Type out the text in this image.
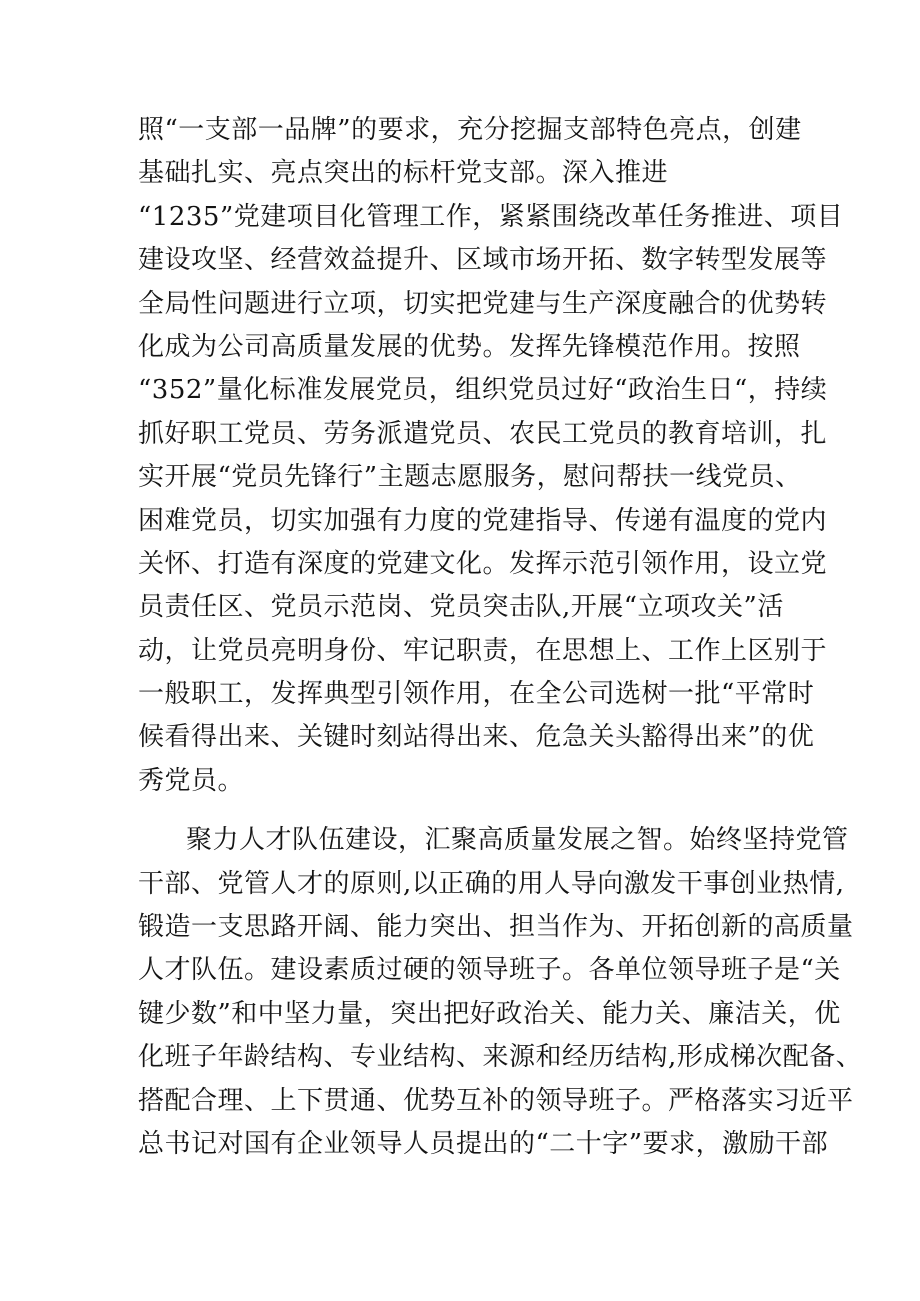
照“一支部一品牌”的要求，充分挖掘支部特色亮点，创建
基础扎实、亮点突出的标杆党支部。深入推进
“1235”党建项目化管理工作，紧紧围绕改革任务推进、项目
建设攻坚、经营效益提升、区域市场开拓、数字转型发展等
全局性问题进行立项，切实把党建与生产深度融合的优势转
化成为公司高质量发展的优势。发挥先锋模范作用。按照
“352”量化标准发展党员，组织党员过好“政治生日“，持续
抓好职工党员、劳务派遣党员、农民工党员的教育培训，扎
实开展“党员先锋行”主题志愿服务，慰问帮扶一线党员、
困难党员，切实加强有力度的党建指导、传递有温度的党内
关怀、打造有深度的党建文化。发挥示范引领作用，设立党
员责任区、党员示范岗、党员突击队,开展“立项攻关”活
动，让党员亮明身份、牢记职责，在思想上、工作上区别于
一般职工，发挥典型引领作用，在全公司选树一批“平常时
候看得出来、关键时刻站得出来、危急关头豁得出来”的优
秀党员。
聚力人才队伍建设，汇聚高质量发展之智。始终坚持党管
干部、党管人才的原则,以正确的用人导向激发干事创业热情,
锻造一支思路开阔、能力突出、担当作为、开拓创新的高质量
人才队伍。建设素质过硬的领导班子。各单位领导班子是“关
键少数”和中坚力量，突出把好政治关、能力关、廉洁关，优
化班子年龄结构、专业结构、来源和经历结构,形成梯次配备、
搭配合理、上下贯通、优势互补的领导班子。严格落实习近平
总书记对国有企业领导人员提出的“二十字”要求，激励干部
